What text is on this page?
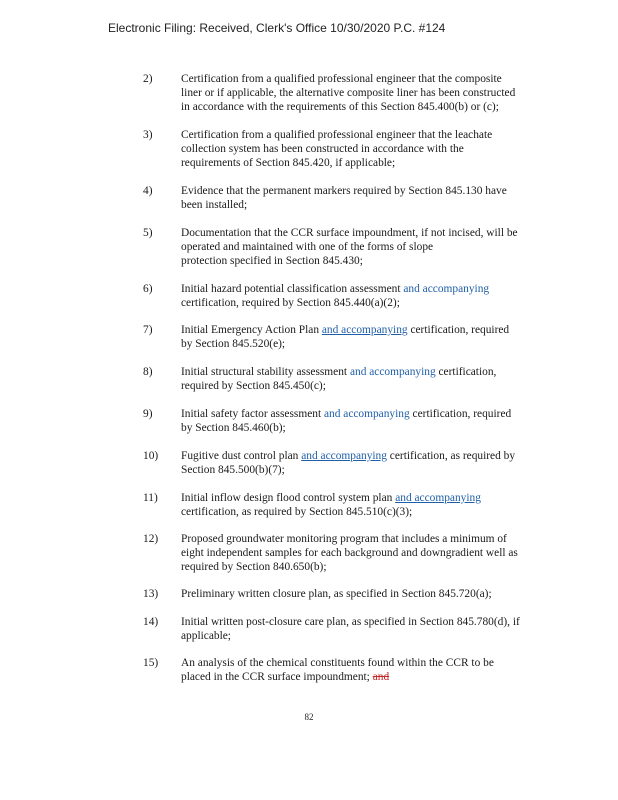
Electronic Filing: Received, Clerk's Office 10/30/2020 P.C. #124
2)	Certification from a qualified professional engineer that the composite
liner or if applicable, the alternative composite liner has been constructed
in accordance with the requirements of this Section 845.400(b) or (c);
3)	Certification from a qualified professional engineer that the leachate
collection system has been constructed in accordance with the
requirements of Section 845.420, if applicable;
4)	Evidence that the permanent markers required by Section 845.130 have
been installed;
5)	Documentation that the CCR surface impoundment, if not incised, will be
operated and maintained with one of the forms of slope
protection specified in Section 845.430;
6)	Initial hazard potential classification assessment and accompanying
certification, required by Section 845.440(a)(2);
7)	Initial Emergency Action Plan and accompanying certification, required
by Section 845.520(e);
8)	Initial structural stability assessment and accompanying certification,
required by Section 845.450(c);
9)	Initial safety factor assessment and accompanying certification, required
by Section 845.460(b);
10)	Fugitive dust control plan and accompanying certification, as required by
Section 845.500(b)(7);
11)	Initial inflow design flood control system plan and accompanying
certification, as required by Section 845.510(c)(3);
12)	Proposed groundwater monitoring program that includes a minimum of
eight independent samples for each background and downgradient well as
required by Section 840.650(b);
13)	Preliminary written closure plan, as specified in Section 845.720(a);
14)	Initial written post-closure care plan, as specified in Section 845.780(d), if
applicable;
15)	An analysis of the chemical constituents found within the CCR to be
placed in the CCR surface impoundment; and
82
